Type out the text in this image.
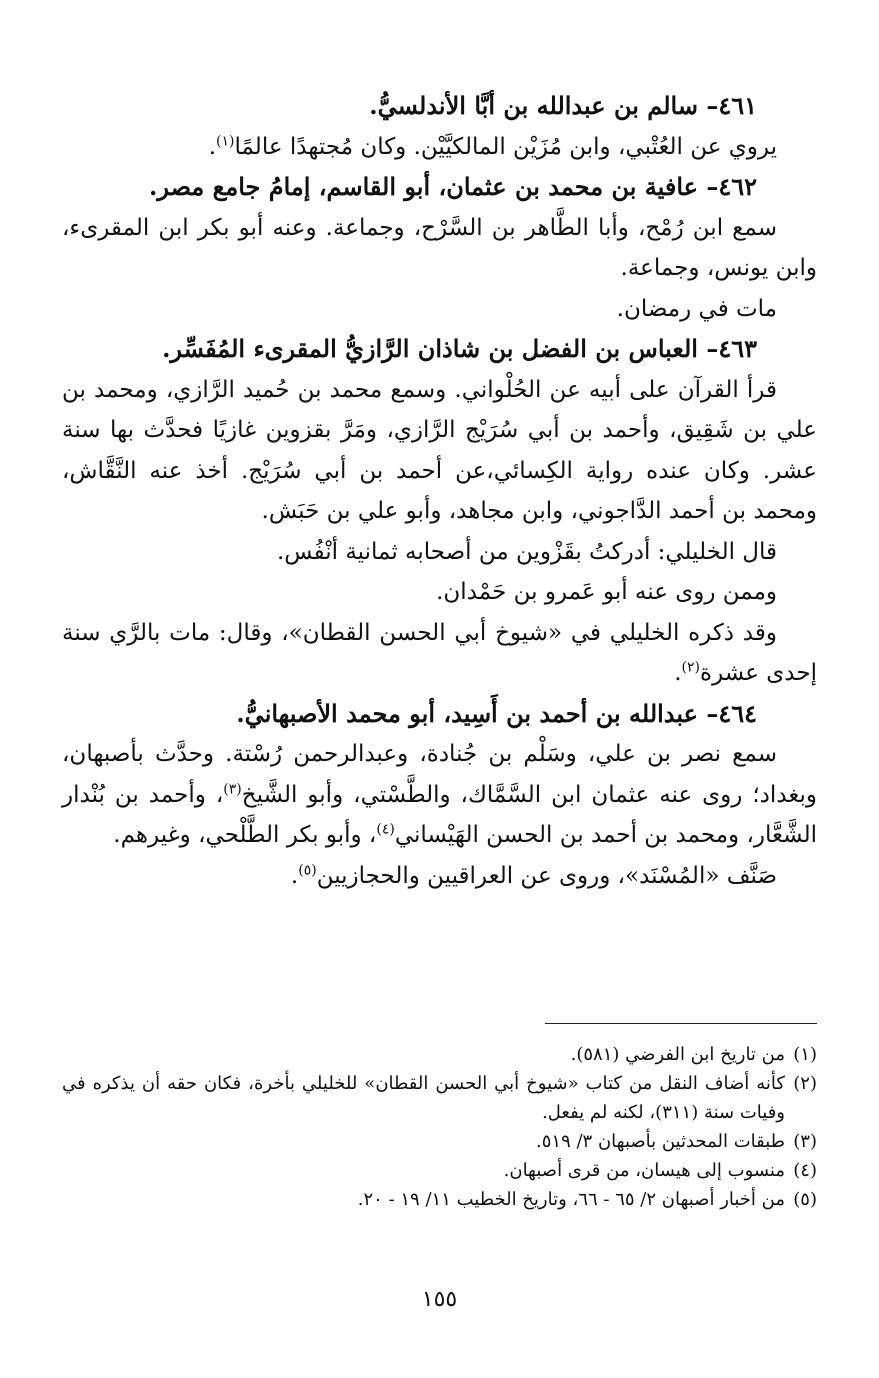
٤٦١– سالم بن عبدالله بن أبَّا الأندلسيُّ.

يروي عن العُتْبي، وابن مُزَيْن المالكيَّيْن. وكان مُجتهدًا عالمًا$^{(١)}$.

٤٦٢– عافية بن محمد بن عثمان، أبو القاسم، إمامُ جامع مصر.

سمع ابن رُمْح، وأبا الطَّاهر بن السَّرْح، وجماعة. وعنه أبو بكر ابن المقرىء، وابن يونس، وجماعة.

مات في رمضان.

٤٦٣– العباس بن الفضل بن شاذان الرَّازيُّ المقرىء المُفَسِّر.

قرأ القرآن على أبيه عن الحُلْواني. وسمع محمد بن حُميد الرَّازي، ومحمد بن علي بن شَقِيق، وأحمد بن أبي سُرَيْج الرَّازي، ومَرَّ بقزوين غازيًا فحدَّث بها سنة عشر. وكان عنده رواية الكِسائي،عن أحمد بن أبي سُرَيْج. أخذ عنه النَّقَّاش، ومحمد بن أحمد الدَّاجوني، وابن مجاهد، وأبو علي بن حَبَش.

قال الخليلي: أدركتُ بقَزْوين من أصحابه ثمانية أنْفُس.

وممن روى عنه أبو عَمرو بن حَمْدان.

وقد ذكره الخليلي في «شيوخ أبي الحسن القطان»، وقال: مات بالرَّي سنة إحدى عشرة$^{(٢)}$.

٤٦٤– عبدالله بن أحمد بن أَسِيد، أبو محمد الأصبهانيُّ.

سمع نصر بن علي، وسَلْم بن جُنادة، وعبدالرحمن رُسْتة. وحدَّث بأصبهان، وبغداد؛ روى عنه عثمان ابن السَّمَّاك، والطَّسْتي، وأبو الشَّيخ$^{(٣)}$، وأحمد بن بُنْدار الشَّعَّار، ومحمد بن أحمد بن الحسن الهَيْساني$^{(٤)}$، وأبو بكر الطَّلْحي، وغيرهم.

صَنَّف «المُسْنَد»، وروى عن العراقيين والحجازيين$^{(٥)}$.

(١)
من تاريخ ابن الفرضي (٥٨١).
(٢)
كأنه أضاف النقل من كتاب «شيوخ أبي الحسن القطان» للخليلي بأخرة، فكان حقه أن يذكره في وفيات سنة (٣١١)، لكنه لم يفعل.
(٣)
طبقات المحدثين بأصبهان ٣/ ٥١٩.
(٤)
منسوب إلى هيسان، من قرى أصبهان.
(٥)
من أخبار أصبهان ٢/ ٦٥ - ٦٦، وتاريخ الخطيب ١١/ ١٩ - ٢٠.
١٥٥
